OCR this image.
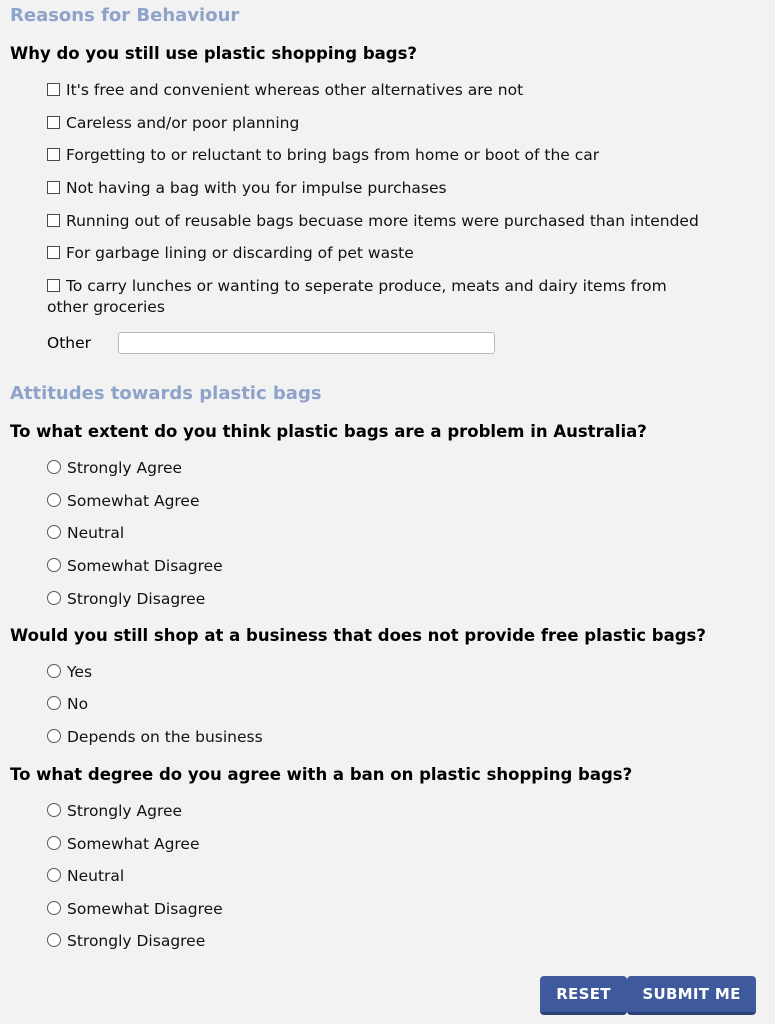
Reasons for Behaviour

Why do you still use plastic shopping bags?

It's free and convenient whereas other alternatives are not
Careless and/or poor planning
Forgetting to or reluctant to bring bags from home or boot of the car
Not having a bag with you for impulse purchases
Running out of reusable bags becuase more items were purchased than intended
For garbage lining or discarding of pet waste
To carry lunches or wanting to seperate produce, meats and dairy items from other groceries
Other
Attitudes towards plastic bags

To what extent do you think plastic bags are a problem in Australia?

Strongly Agree
Somewhat Agree
Neutral
Somewhat Disagree
Strongly Disagree

Would you still shop at a business that does not provide free plastic bags?

Yes
No
Depends on the business

To what degree do you agree with a ban on plastic shopping bags?

Strongly Agree
Somewhat Agree
Neutral
Somewhat Disagree
Strongly Disagree
RESET	SUBMIT ME
